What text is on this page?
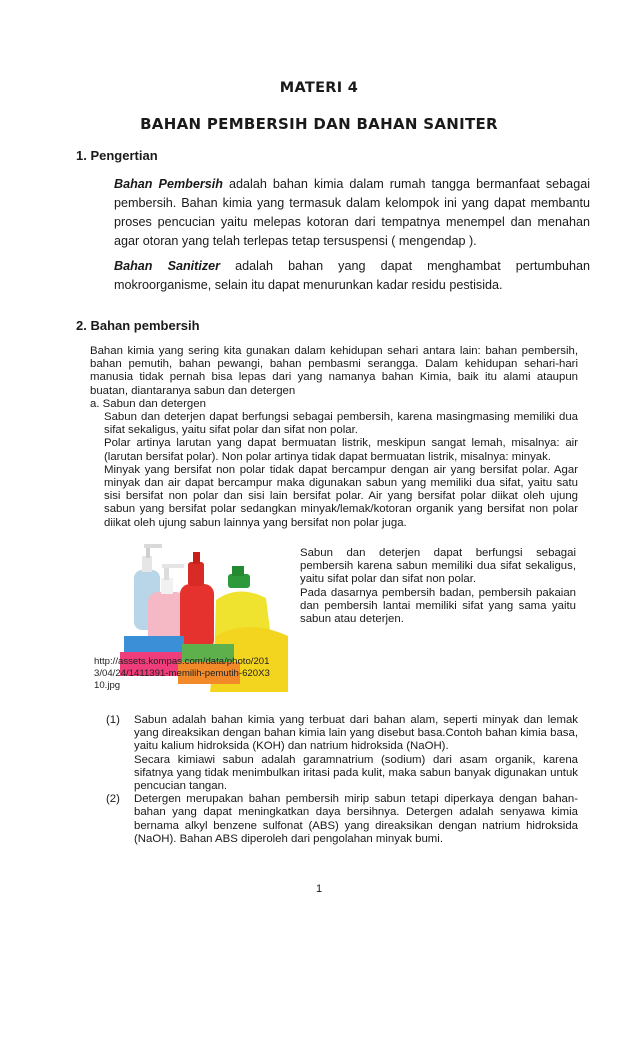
MATERI 4
BAHAN PEMBERSIH DAN BAHAN SANITER
1. Pengertian

Bahan Pembersih adalah bahan kimia dalam rumah tangga bermanfaat sebagai pembersih. Bahan kimia yang termasuk dalam kelompok ini yang dapat membantu proses pencucian yaitu melepas kotoran dari tempatnya menempel dan menahan agar otoran yang telah terlepas tetap tersuspensi ( mengendap ).

Bahan Sanitizer adalah bahan yang dapat menghambat pertumbuhan mokroorganisme, selain itu dapat menurunkan kadar residu pestisida.

2. Bahan pembersih
Bahan kimia yang sering kita gunakan dalam kehidupan sehari antara lain: bahan pembersih, bahan pemutih, bahan pewangi, bahan pembasmi serangga. Dalam kehidupan sehari-hari manusia tidak pernah bisa lepas dari yang namanya bahan Kimia, baik itu alami ataupun buatan, diantaranya sabun dan detergen
a. Sabun dan detergen

Sabun dan deterjen dapat berfungsi sebagai pembersih, karena masingmasing memiliki dua sifat sekaligus, yaitu sifat polar dan sifat non polar.

Polar artinya larutan yang dapat bermuatan listrik, meskipun sangat lemah, misalnya: air (larutan bersifat polar). Non polar artinya tidak dapat bermuatan listrik, misalnya: minyak.

Minyak yang bersifat non polar tidak dapat bercampur dengan air yang bersifat polar. Agar minyak dan air dapat bercampur maka digunakan sabun yang memiliki dua sifat, yaitu satu sisi bersifat non polar dan sisi lain bersifat polar. Air yang bersifat polar diikat oleh ujung sabun yang bersifat polar sedangkan minyak/lemak/kotoran organik yang bersifat non polar diikat oleh ujung sabun lainnya yang bersifat non polar juga.

http://assets.kompas.com/data/photo/2013/04/24/1411391-memilih-pemutih-620X310.jpg

Sabun dan deterjen dapat berfungsi sebagai pembersih karena sabun memiliki dua sifat sekaligus, yaitu sifat polar dan sifat non polar.

Pada dasarnya pembersih badan, pembersih pakaian dan pembersih lantai memiliki sifat yang sama yaitu sabun atau deterjen.

(1)	Sabun adalah bahan kimia yang terbuat dari bahan alam, seperti minyak dan lemak yang direaksikan dengan bahan kimia lain yang disebut basa.Contoh bahan kimia basa, yaitu kalium hidroksida (KOH) dan natrium hidroksida (NaOH).

Secara kimiawi sabun adalah garamnatrium (sodium) dari asam organik, karena sifatnya yang tidak menimbulkan iritasi pada kulit, maka sabun banyak digunakan untuk pencucian tangan.

(2)	Detergen merupakan bahan pembersih mirip sabun tetapi diperkaya dengan bahan-bahan yang dapat meningkatkan daya bersihnya. Detergen adalah senyawa kimia bernama alkyl benzene sulfonat (ABS) yang direaksikan dengan natrium hidroksida (NaOH). Bahan ABS diperoleh dari pengolahan minyak bumi.

1
